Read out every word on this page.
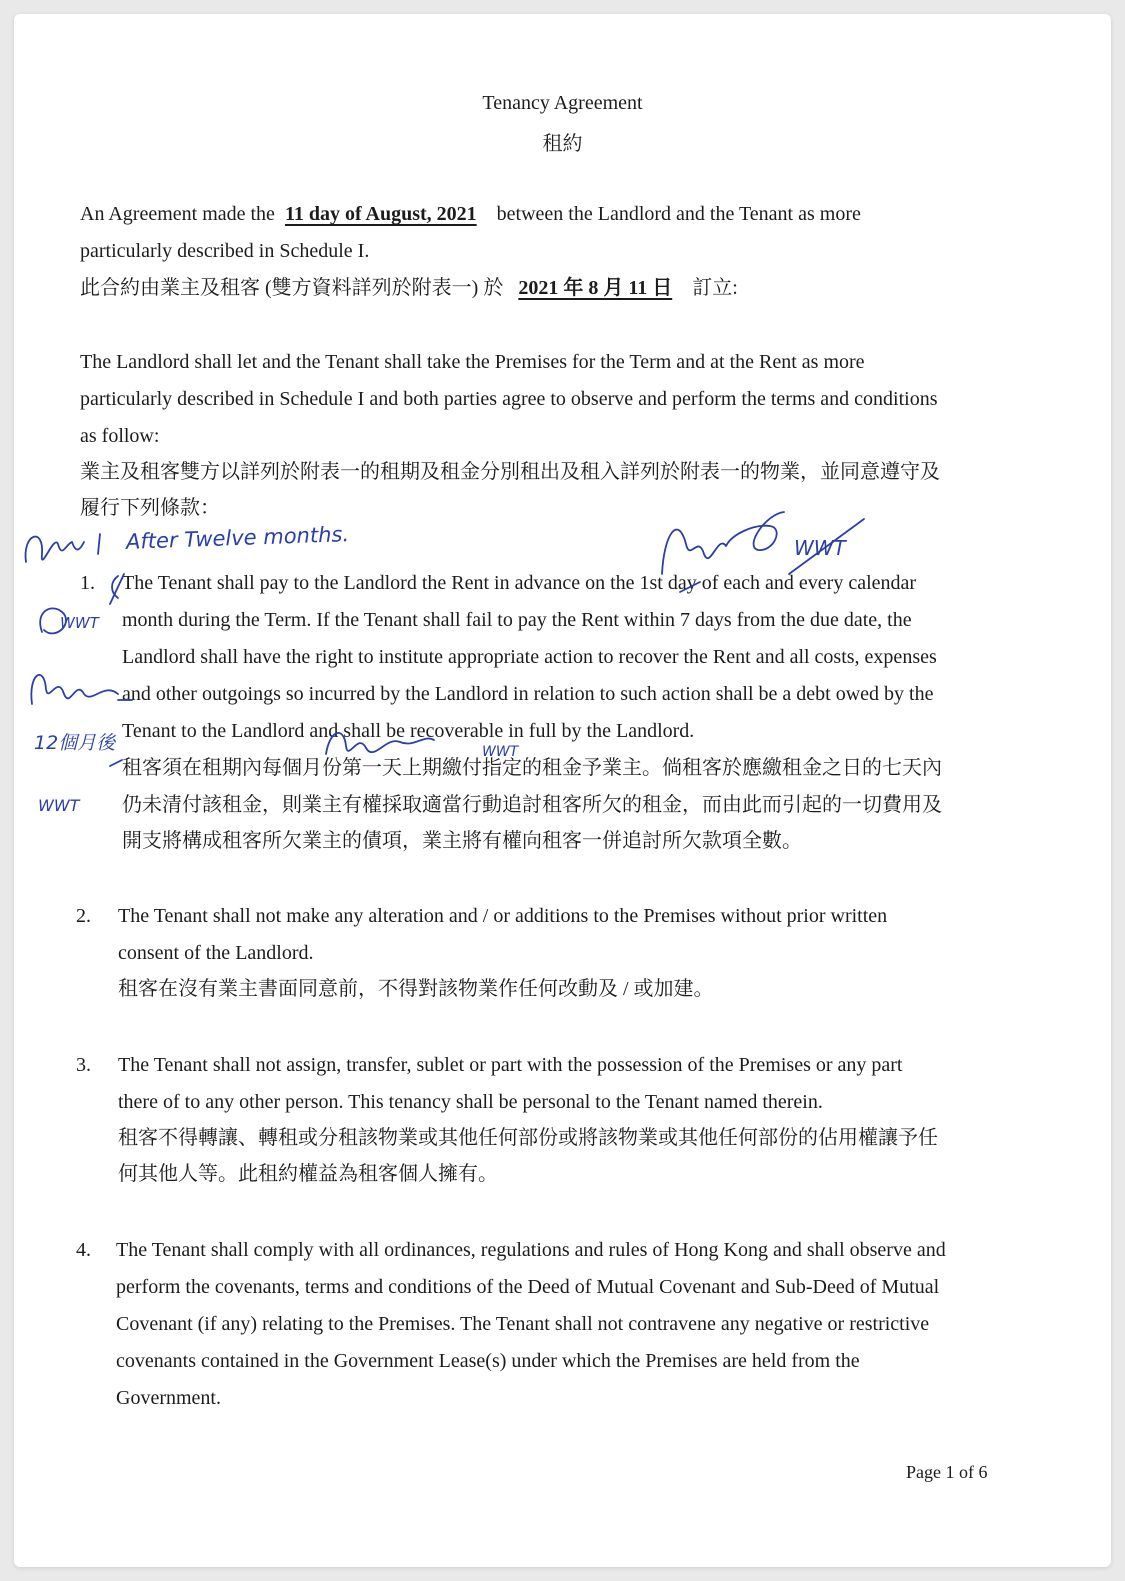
Tenancy Agreement
租約
An Agreement made the 11 day of August, 2021 between the Landlord and the Tenant as more
particularly described in Schedule I.
此合約由業主及租客 (雙方資料詳列於附表一) 於 2021 年 8 月 11 日 訂立:
The Landlord shall let and the Tenant shall take the Premises for the Term and at the Rent as more
particularly described in Schedule I and both parties agree to observe and perform the terms and conditions
as follow:
業主及租客雙方以詳列於附表一的租期及租金分別租出及租入詳列於附表一的物業，並同意遵守及
履行下列條款：
1. The Tenant shall pay to the Landlord the Rent in advance on the 1st day of each and every calendar
month during the Term. If the Tenant shall fail to pay the Rent within 7 days from the due date, the
Landlord shall have the right to institute appropriate action to recover the Rent and all costs, expenses
and other outgoings so incurred by the Landlord in relation to such action shall be a debt owed by the
Tenant to the Landlord and shall be recoverable in full by the Landlord.
租客須在租期內每個月份第一天上期繳付指定的租金予業主。倘租客於應繳租金之日的七天內
仍未清付該租金，則業主有權採取適當行動追討租客所欠的租金，而由此而引起的一切費用及
開支將構成租客所欠業主的債項，業主將有權向租客一併追討所欠款項全數。
2. The Tenant shall not make any alteration and / or additions to the Premises without prior written
consent of the Landlord.
租客在沒有業主書面同意前，不得對該物業作任何改動及 / 或加建。
3. The Tenant shall not assign, transfer, sublet or part with the possession of the Premises or any part
there of to any other person. This tenancy shall be personal to the Tenant named therein.
租客不得轉讓、轉租或分租該物業或其他任何部份或將該物業或其他任何部份的佔用權讓予任
何其他人等。此租約權益為租客個人擁有。
4. The Tenant shall comply with all ordinances, regulations and rules of Hong Kong and shall observe and
perform the covenants, terms and conditions of the Deed of Mutual Covenant and Sub-Deed of Mutual
Covenant (if any) relating to the Premises. The Tenant shall not contravene any negative or restrictive
covenants contained in the Government Lease(s) under which the Premises are held from the
Government.
Page 1 of 6
After Twelve months.	WWT
WWT
12個月後	WWT
WWT
